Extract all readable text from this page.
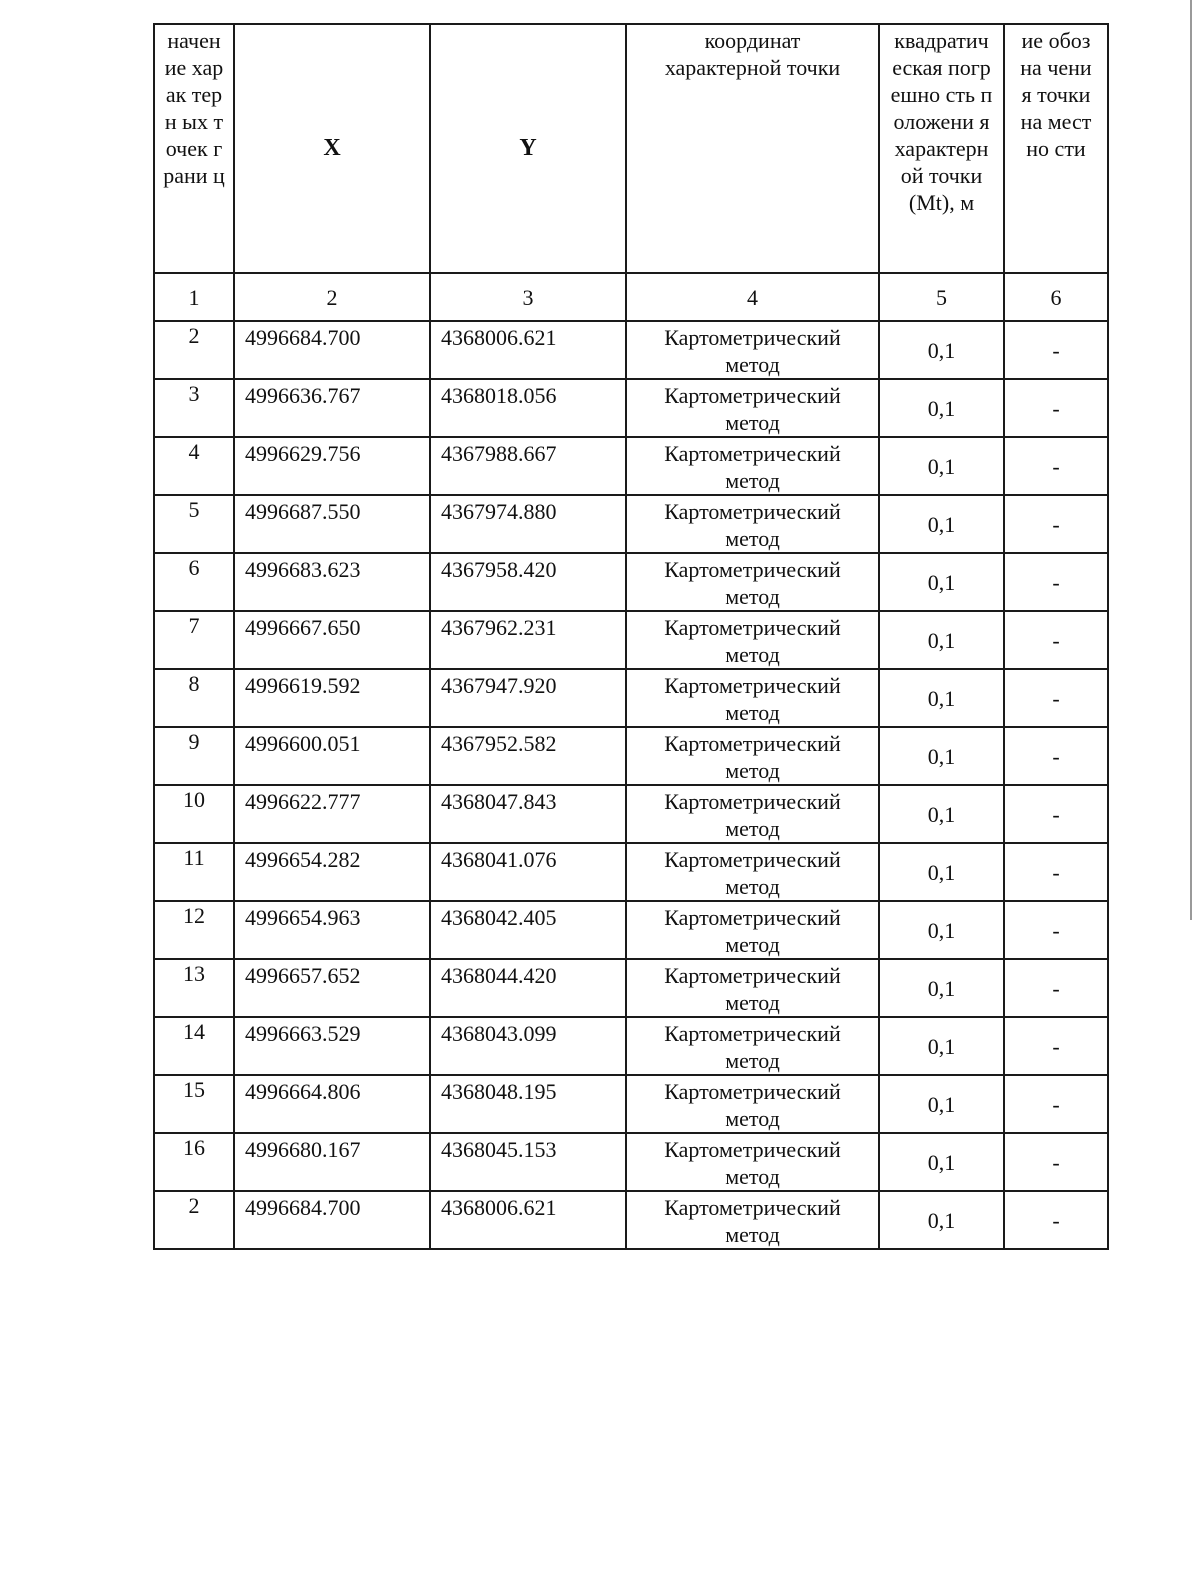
начен ие харак терн ых точек грани ц	X	Y	координат характерной точки	квадратич еская погрешно сть положени я характерн ой точки (Mt), м	ие обозна чения точки на местно сти
1	2	3	4	5	6
2	4996684.700	4368006.621	Картометрический метод	0,1	-
3	4996636.767	4368018.056	Картометрический метод	0,1	-
4	4996629.756	4367988.667	Картометрический метод	0,1	-
5	4996687.550	4367974.880	Картометрический метод	0,1	-
6	4996683.623	4367958.420	Картометрический метод	0,1	-
7	4996667.650	4367962.231	Картометрический метод	0,1	-
8	4996619.592	4367947.920	Картометрический метод	0,1	-
9	4996600.051	4367952.582	Картометрический метод	0,1	-
10	4996622.777	4368047.843	Картометрический метод	0,1	-
11	4996654.282	4368041.076	Картометрический метод	0,1	-
12	4996654.963	4368042.405	Картометрический метод	0,1	-
13	4996657.652	4368044.420	Картометрический метод	0,1	-
14	4996663.529	4368043.099	Картометрический метод	0,1	-
15	4996664.806	4368048.195	Картометрический метод	0,1	-
16	4996680.167	4368045.153	Картометрический метод	0,1	-
2	4996684.700	4368006.621	Картометрический метод	0,1	-
